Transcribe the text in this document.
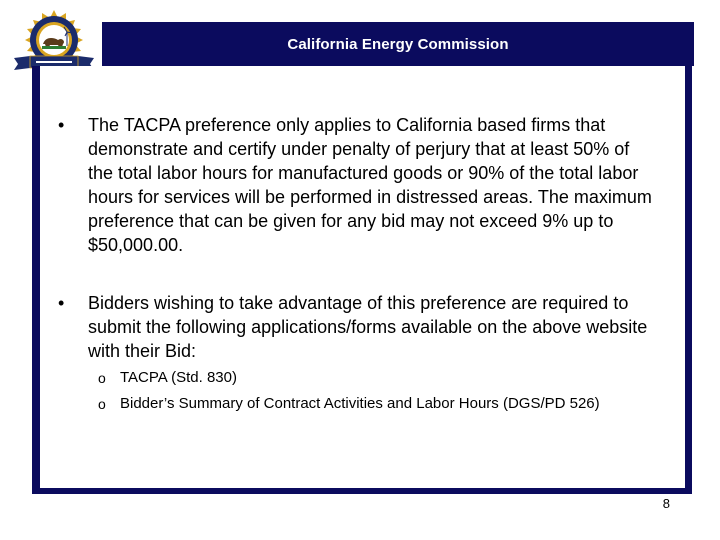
California Energy Commission
• The TACPA preference only applies to California based firms that demonstrate and certify under penalty of perjury that at least 50% of the total labor hours for manufactured goods or 90% of the total labor hours for services will be performed in distressed areas. The maximum preference that can be given for any bid may not exceed 9% up to $50,000.00.
• Bidders wishing to take advantage of this preference are required to submit the following applications/forms available on the above website with their Bid:
o TACPA (Std. 830)
o Bidder’s Summary of Contract Activities and Labor Hours (DGS/PD 526)
8
